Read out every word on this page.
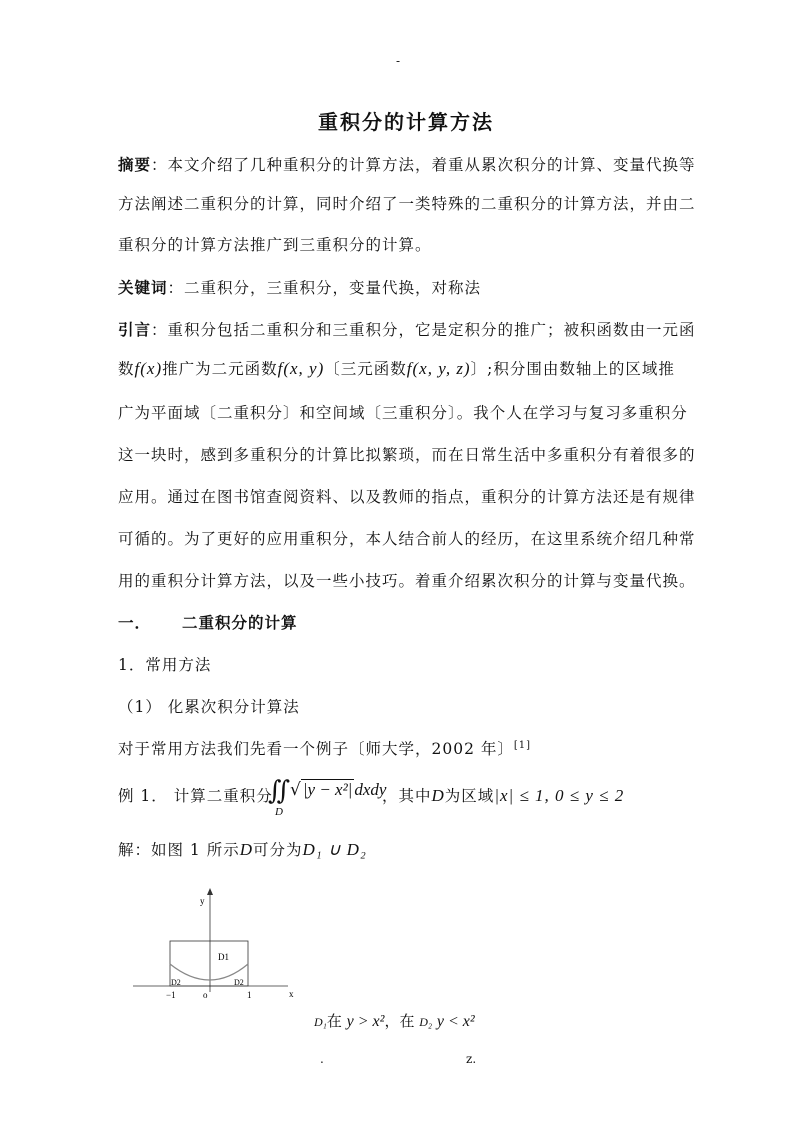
-
重积分的计算方法
摘要：本文介绍了几种重积分的计算方法，着重从累次积分的计算、变量代换等
方法阐述二重积分的计算，同时介绍了一类特殊的二重积分的计算方法，并由二
重积分的计算方法推广到三重积分的计算。
关键词：二重积分，三重积分，变量代换，对称法
引言：重积分包括二重积分和三重积分，它是定积分的推广；被积函数由一元函
数f(x)推广为二元函数f(x, y)〔三元函数f(x, y, z)〕;积分围由数轴上的区域推
广为平面域〔二重积分〕和空间域〔三重积分〕。我个人在学习与复习多重积分
这一块时，感到多重积分的计算比拟繁琐，而在日常生活中多重积分有着很多的
应用。通过在图书馆查阅资料、以及教师的指点，重积分的计算方法还是有规律
可循的。为了更好的应用重积分，本人结合前人的经历，在这里系统介绍几种常
用的重积分计算方法，以及一些小技巧。着重介绍累次积分的计算与变量代换。
一． 二重积分的计算
1．常用方法
（1） 化累次积分计算法
对于常用方法我们先看一个例子〔师大学，2002 年〕[1]
例 1． 计算二重积分
∬
D
√ |y − x²| dxdy
，其中D为区域|x| ≤ 1, 0 ≤ y ≤ 2
解：如图 1 所示D可分为D₁ ∪ D₂
y
x
D1
D2	D2
−1	o	1
D₁在 y > x²，在 D₂ y < x²
.	z.
